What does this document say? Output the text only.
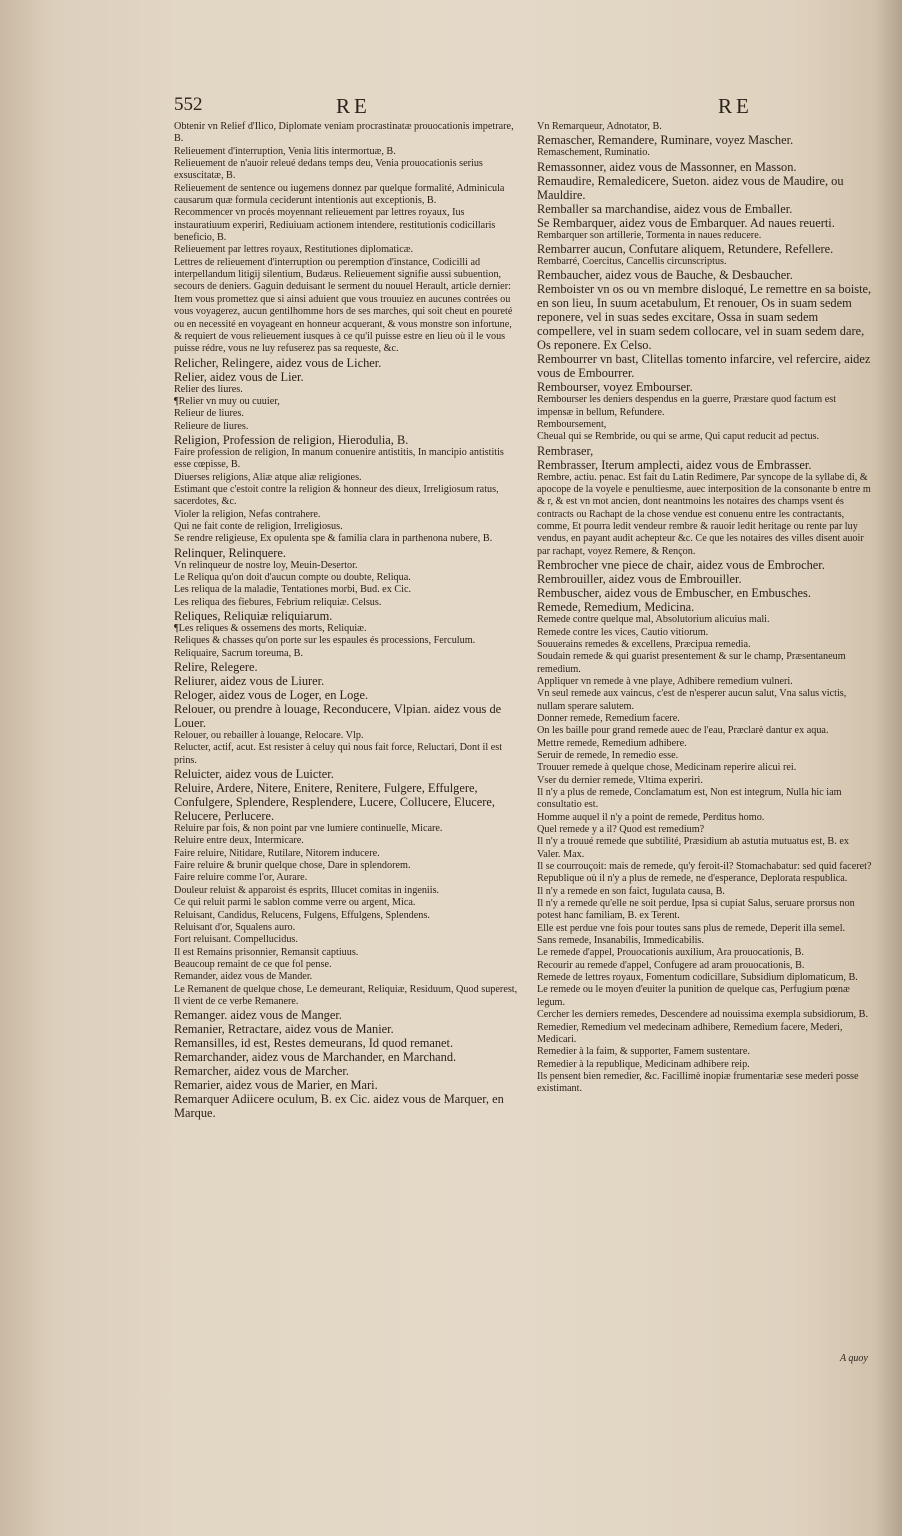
552	RE	RE
Obtenir vn Relief d'Ilico, Diplomate veniam procrastinatæ prouocationis impetrare, B.
Relieuement d'interruption, Venia litis intermortuæ, B.
Relieuement de n'auoir releué dedans temps deu, Venia prouocationis serius exsuscitatæ, B.
Relieuement de sentence ou iugemens donnez par quelque formalité, Adminicula causarum quæ formula ceciderunt intentionis aut exceptionis, B.
Recommencer vn procés moyennant relieuement par lettres royaux, Ius instauratiuum experiri, Rediuiuam actionem intendere, restitutionis codicillaris beneficio, B.
Relieuement par lettres royaux, Restitutiones diplomaticæ.
Lettres de relieuement d'interruption ou peremption d'instance, Codicilli ad interpellandum litigij silentium, Budæus. Relieuement signifie aussi subuention, secours de deniers. Gaguin deduisant le serment du nouuel Herault, article dernier: Item vous promettez que si ainsi aduient que vous trouuiez en aucunes contrées ou vous voyagerez, aucun gentilhomme hors de ses marches, qui soit cheut en poureté ou en necessité en voyageant en honneur acquerant, & vous monstre son infortune, & requiert de vous relieuement iusques à ce qu'il puisse estre en lieu où il le vous puisse rédre, vous ne luy refuserez pas sa requeste, &c.
Relicher, Relingere, aidez vous de Licher.
Relier, aidez vous de Lier.
Relier des liures.
¶Relier vn muy ou cuuier,
Relieur de liures.
Relieure de liures.
Religion, Profession de religion, Hierodulia, B.
Faire profession de religion, In manum conuenire antistitis, In mancipio antistitis esse cœpisse, B.
Diuerses religions, Aliæ atque aliæ religiones.
Estimant que c'estoit contre la religion & honneur des dieux, Irreligiosum ratus, sacerdotes, &c.
Violer la religion, Nefas contrahere.
Qui ne fait conte de religion, Irreligiosus.
Se rendre religieuse, Ex opulenta spe & familia clara in parthenona nubere, B.
Relinquer, Relinquere.
Vn relinqueur de nostre loy, Meuin-Desertor.
Le Reliqua qu'on doit d'aucun compte ou doubte, Reliqua.
Les reliqua de la maladie, Tentationes morbi, Bud. ex Cic.
Les reliqua des fiebures, Febrium reliquiæ. Celsus.
Reliques, Reliquiæ reliquiarum.
¶Les reliques & ossemens des morts, Reliquiæ.
Reliques & chasses qu'on porte sur les espaules és processions, Ferculum.
Reliquaire, Sacrum toreuma, B.
Relire, Relegere.
Reliurer, aidez vous de Liurer.
Reloger, aidez vous de Loger, en Loge.
Relouer, ou prendre à louage, Reconducere, Vlpian. aidez vous de Louer.
Relouer, ou rebailler à louange, Relocare. Vlp.
Relucter, actif, acut. Est resister à celuy qui nous fait force, Reluctari, Dont il est prins.
Reluicter, aidez vous de Luicter.
Reluire, Ardere, Nitere, Enitere, Renitere, Fulgere, Effulgere, Confulgere, Splendere, Resplendere, Lucere, Collucere, Elucere, Relucere, Perlucere.
Reluire par fois, & non point par vne lumiere continuelle, Micare.
Reluire entre deux, Intermicare.
Faire reluire, Nitidare, Rutilare, Nitorem inducere.
Faire reluire & brunir quelque chose, Dare in splendorem.
Faire reluire comme l'or, Aurare.
Douleur reluist & apparoist és esprits, Illucet comitas in ingeniis.
Ce qui reluit parmi le sablon comme verre ou argent, Mica.
Reluisant, Candidus, Relucens, Fulgens, Effulgens, Splendens.
Reluisant d'or, Squalens auro.
Fort reluisant. Compellucidus.
Il est Remains prisonnier, Remansit captiuus.
Beaucoup remaint de ce que fol pense.
Remander, aidez vous de Mander.
Le Remanent de quelque chose, Le demeurant, Reliquiæ, Residuum, Quod superest, Il vient de ce verbe Remanere.
Remanger. aidez vous de Manger.
Remanier, Retractare, aidez vous de Manier.
Remansilles, id est, Restes demeurans, Id quod remanet.
Remarchander, aidez vous de Marchander, en Marchand.
Remarcher, aidez vous de Marcher.
Remarier, aidez vous de Marier, en Mari.
Remarquer Adiicere oculum, B. ex Cic. aidez vous de Marquer, en Marque.
Vn Remarqueur, Adnotator, B.
Remascher, Remandere, Ruminare, voyez Mascher.
Remaschement, Ruminatio.
Remassonner, aidez vous de Massonner, en Masson.
Remaudire, Remaledicere, Sueton. aidez vous de Maudire, ou Mauldire.
Remballer sa marchandise, aidez vous de Emballer.
Se Rembarquer, aidez vous de Embarquer. Ad naues reuerti.
Rembarquer son artillerie, Tormenta in naues reducere.
Rembarrer aucun, Confutare aliquem, Retundere, Refellere.
Rembarré, Coercitus, Cancellis circunscriptus.
Rembaucher, aidez vous de Bauche, & Desbaucher.
Remboister vn os ou vn membre disloqué, Le remettre en sa boiste, en son lieu, In suum acetabulum, Et renouer, Os in suam sedem reponere, vel in suas sedes excitare, Ossa in suam sedem compellere, vel in suam sedem collocare, vel in suam sedem dare, Os reponere. Ex Celso.
Rembourrer vn bast, Clitellas tomento infarcire, vel refercire, aidez vous de Embourrer.
Rembourser, voyez Embourser.
Rembourser les deniers despendus en la guerre, Præstare quod factum est impensæ in bellum, Refundere.
Remboursement,
Cheual qui se Rembride, ou qui se arme, Qui caput reducit ad pectus.
Rembraser,
Rembrasser, Iterum amplecti, aidez vous de Embrasser.
Rembre, actiu. penac. Est fait du Latin Redimere, Par syncope de la syllabe di, & apocope de la voyele e penultiesme, auec interposition de la consonante b entre m & r, & est vn mot ancien, dont neantmoins les notaires des champs vsent és contracts ou Rachapt de la chose vendue est conuenu entre les contractants, comme, Et pourra ledit vendeur rembre & rauoir ledit heritage ou rente par luy vendus, en payant audit achepteur &c. Ce que les notaires des villes disent auoir par rachapt, voyez Remere, & Rençon.
Rembrocher vne piece de chair, aidez vous de Embrocher.
Rembrouiller, aidez vous de Embrouiller.
Rembuscher, aidez vous de Embuscher, en Embusches.
Remede, Remedium, Medicina.
Remede contre quelque mal, Absolutorium alicuius mali.
Remede contre les vices, Cautio vitiorum.
Souuerains remedes & excellens, Præcipua remedia.
Soudain remede & qui guarist presentement & sur le champ, Præsentaneum remedium.
Appliquer vn remede à vne playe, Adhibere remedium vulneri.
Vn seul remede aux vaincus, c'est de n'esperer aucun salut, Vna salus victis, nullam sperare salutem.
Donner remede, Remedium facere.
On les baille pour grand remede auec de l'eau, Præclarè dantur ex aqua.
Mettre remede, Remedium adhibere.
Seruir de remede, In remedio esse.
Trouuer remede à quelque chose, Medicinam reperire alicui rei.
Vser du dernier remede, Vltima experiri.
Il n'y a plus de remede, Conclamatum est, Non est integrum, Nulla hic iam consultatio est.
Homme auquel il n'y a point de remede, Perditus homo.
Quel remede y a il? Quod est remedium?
Il n'y a trouué remede que subtilité, Præsidium ab astutia mutuatus est, B. ex Valer. Max.
Il se courrouçoit: mais de remede, qu'y feroit-il? Stomachabatur: sed quid faceret?
Republique où il n'y a plus de remede, ne d'esperance, Deplorata respublica.
Il n'y a remede en son faict, Iugulata causa, B.
Il n'y a remede qu'elle ne soit perdue, Ipsa si cupiat Salus, seruare prorsus non potest hanc familiam, B. ex Terent.
Elle est perdue vne fois pour toutes sans plus de remede, Deperit illa semel.
Sans remede, Insanabilis, Immedicabilis.
Le remede d'appel, Prouocationis auxilium, Ara prouocationis, B.
Recourir au remede d'appel, Confugere ad aram prouocationis, B.
Remede de lettres royaux, Fomentum codicillare, Subsidium diplomaticum, B.
Le remede ou le moyen d'euiter la punition de quelque cas, Perfugium pœnæ legum.
Cercher les derniers remedes, Descendere ad nouissima exempla subsidiorum, B.
Remedier, Remedium vel medecinam adhibere, Remedium facere, Mederi, Medicari.
Remedier à la faim, & supporter, Famem sustentare.
Remedier à la republique, Medicinam adhibere reip.
Ils pensent bien remedier, &c. Facillimè inopiæ frumentariæ sese mederi posse existimant.
A quoy
